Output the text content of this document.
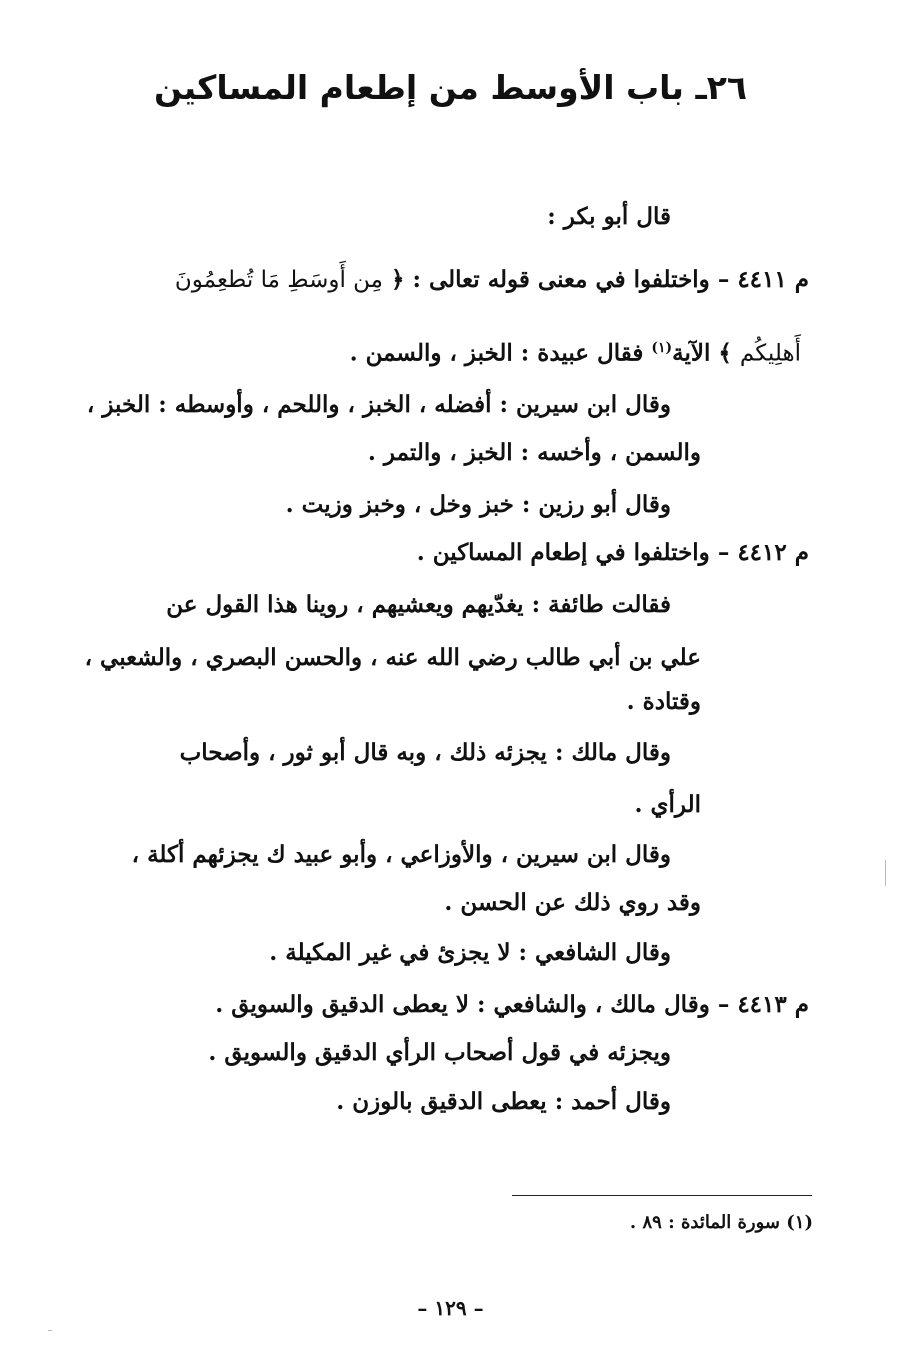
٢٦ـ باب الأوسط من إطعام المساكين
قال أبو بكر :
م ٤٤١١ – واختلفوا في معنى قوله تعالى : ﴿ مِن أَوسَطِ مَا تُطعِمُونَ
أَهلِيكُم ﴾ الآية$^{(١)}$ فقال عبيدة : الخبز ، والسمن .
وقال ابن سيرين : أفضله ، الخبز ، واللحم ، وأوسطه : الخبز ،
والسمن ، وأخسه : الخبز ، والتمر .
وقال أبو رزين : خبز وخل ، وخبز وزيت .
م ٤٤١٢ – واختلفوا في إطعام المساكين .
فقالت طائفة : يغدّيهم ويعشيهم ، روينا هذا القول عن
علي بن أبي طالب رضي الله عنه ، والحسن البصري ، والشعبي ،
وقتادة .
وقال مالك : يجزئه ذلك ، وبه قال أبو ثور ، وأصحاب
الرأي .
وقال ابن سيرين ، والأوزاعي ، وأبو عبيد ك يجزئهم أكلة ،
وقد روي ذلك عن الحسن .
وقال الشافعي : لا يجزئ في غير المكيلة .
م ٤٤١٣ – وقال مالك ، والشافعي : لا يعطى الدقيق والسويق .
ويجزئه في قول أصحاب الرأي الدقيق والسويق .
وقال أحمد : يعطى الدقيق بالوزن .
(١) سورة المائدة : ٨٩ .
– ١٢٩ –
